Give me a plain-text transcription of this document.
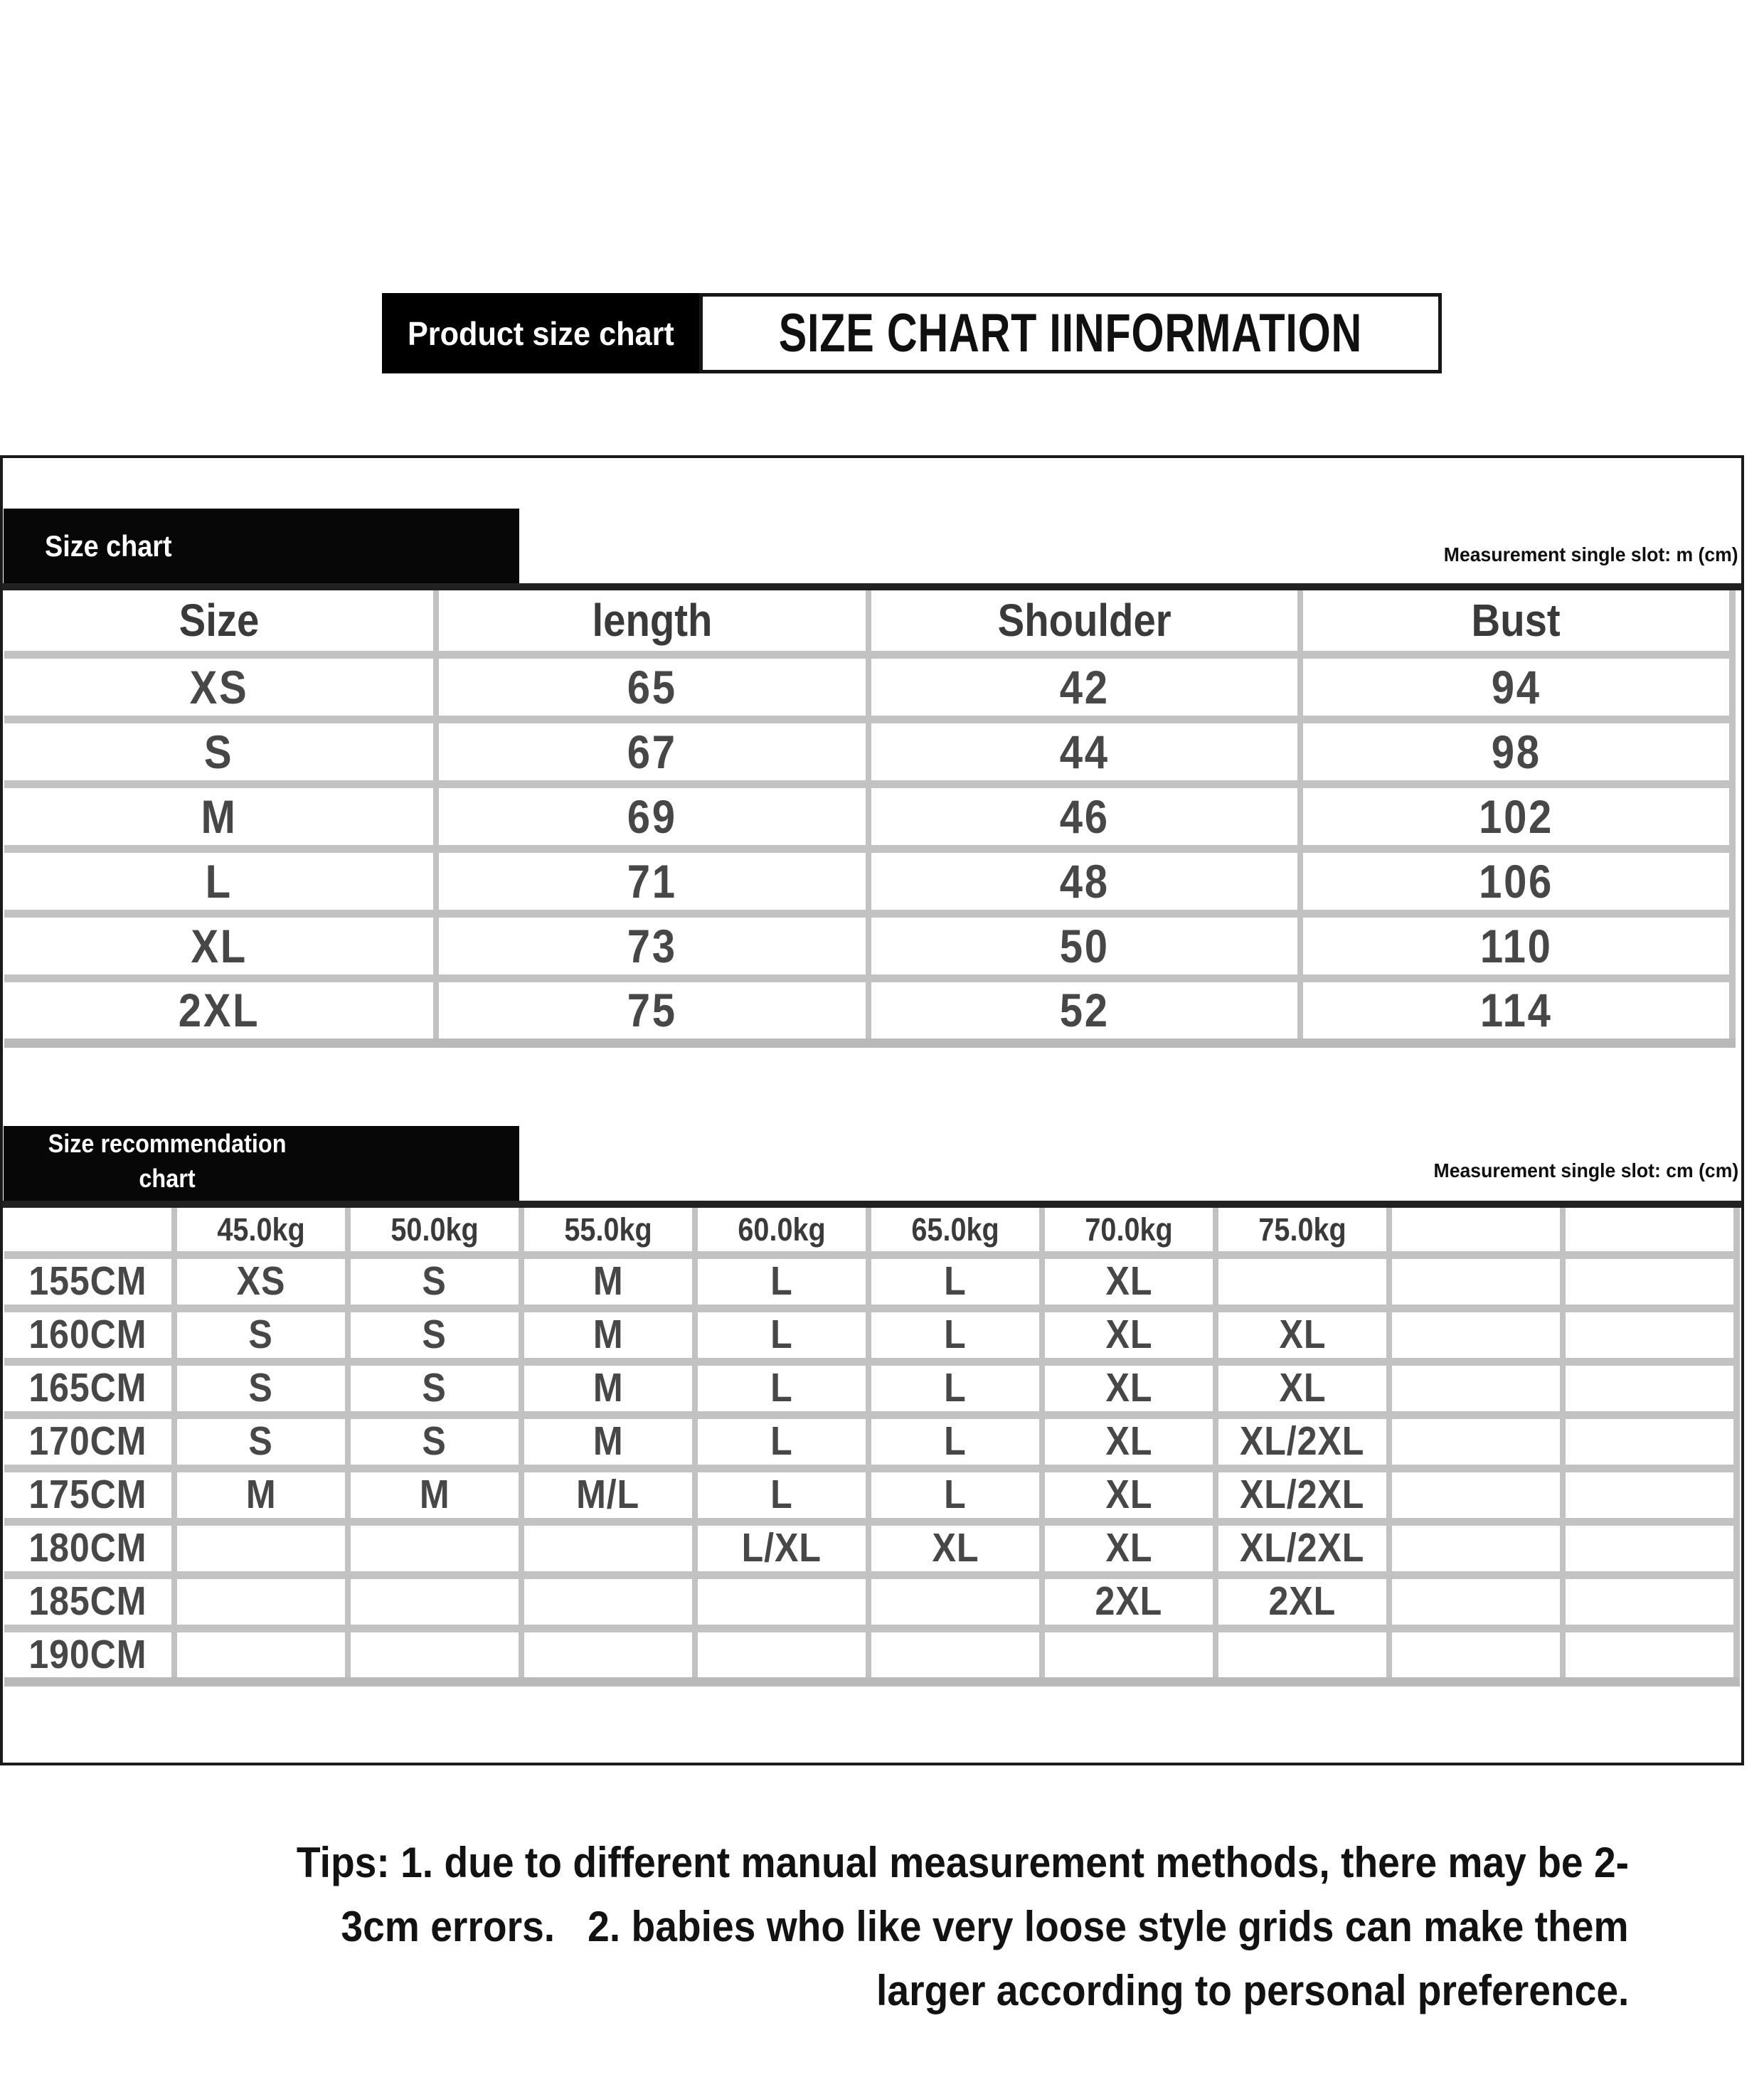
Product size chart SIZE CHART IINFORMATION
Size chart	Measurement single slot: m (cm)
Size	length	Shoulder	Bust
XS	65	42	94
S	67	44	98
M	69	46	102
L	71	48	106
XL	73	50	110
2XL	75	52	114
Size recommendation
chart	Measurement single slot: cm (cm)
	45.0kg	50.0kg	55.0kg	60.0kg	65.0kg	70.0kg	75.0kg		
155CM	XS	S	M	L	L	XL			
160CM	S	S	M	L	L	XL	XL		
165CM	S	S	M	L	L	XL	XL		
170CM	S	S	M	L	L	XL	XL/2XL		
175CM	M	M	M/L	L	L	XL	XL/2XL		
180CM				L/XL	XL	XL	XL/2XL		
185CM						2XL	2XL		
190CM									
Tips: 1. due to different manual measurement methods, there may be 2-
3cm errors.   2. babies who like very loose style grids can make them
larger according to personal preference.
